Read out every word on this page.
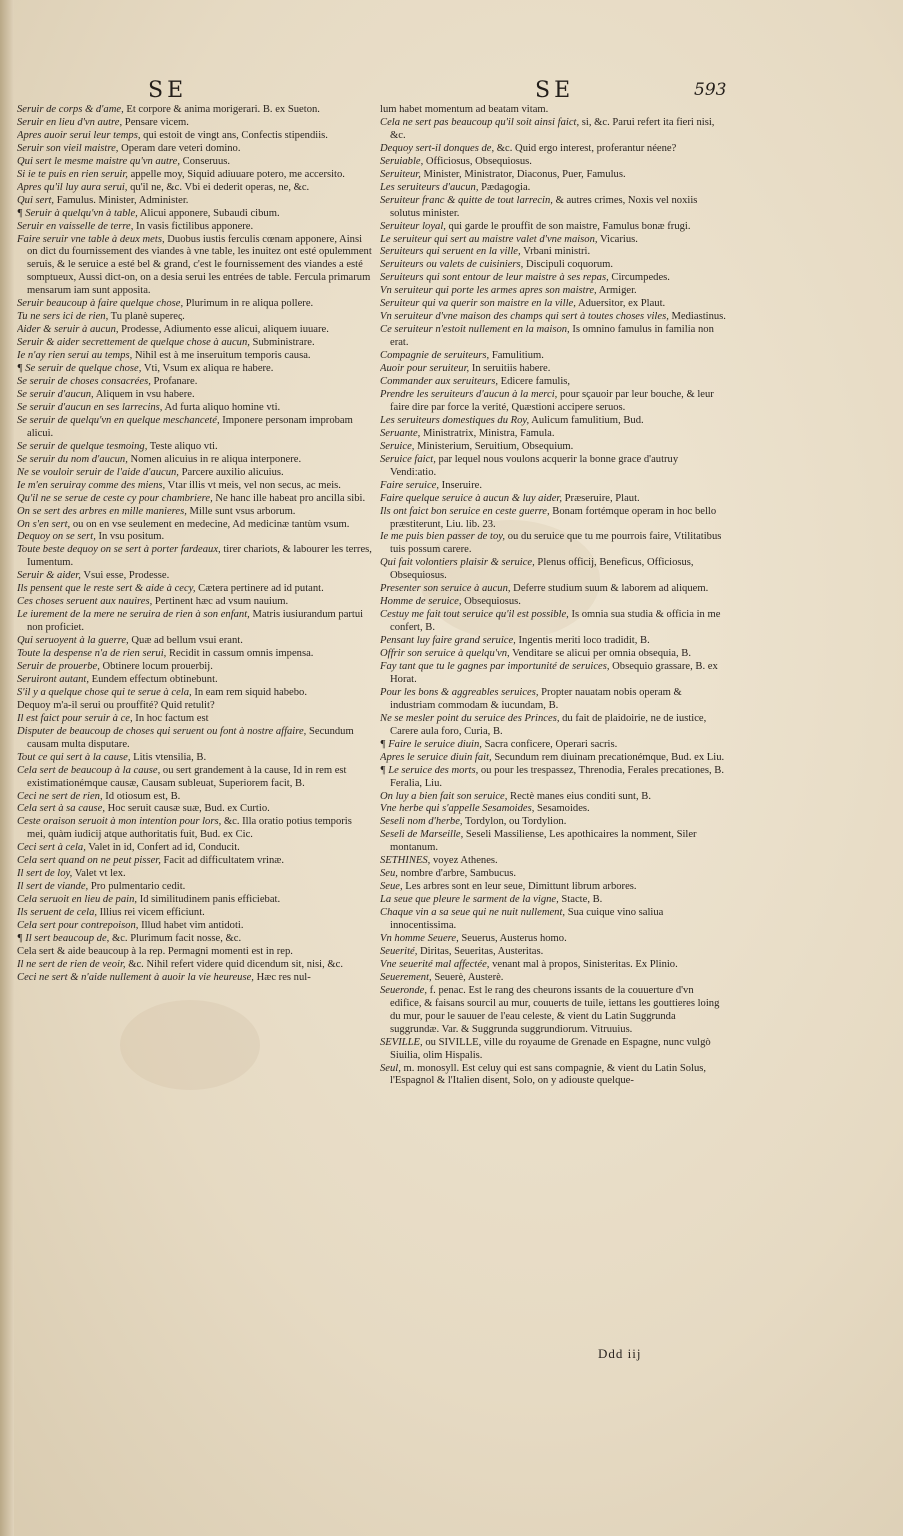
SE	SE	593

Seruir de corps & d'ame, Et corpore & anima morigerari. B. ex Sueton.

Seruir en lieu d'vn autre, Pensare vicem.

Apres auoir serui leur temps, qui estoit de vingt ans, Confectis stipendiis.

Seruir son vieil maistre, Operam dare veteri domino.

Qui sert le mesme maistre qu'vn autre, Conseruus.

Si ie te puis en rien seruir, appelle moy, Siquid adiuuare potero, me accersito.

Apres qu'il luy aura serui, qu'il ne, &c. Vbi ei dederit operas, ne, &c.

Qui sert, Famulus. Minister, Administer.

¶ Seruir à quelqu'vn à table, Alicui apponere, Subaudi cibum.

Seruir en vaisselle de terre, In vasis fictilibus apponere.

Faire seruir vne table à deux mets, Duobus iustis ferculis cœnam apponere, Ainsi on dict du fournissement des viandes à vne table, les inuitez ont esté opulemment seruis, & le seruice a esté bel & grand, c'est le fournissement des viandes a esté somptueux, Aussi dict-on, on a desia serui les entrées de table. Fercula primarum mensarum iam sunt apposita.

Seruir beaucoup à faire quelque chose, Plurimum in re aliqua pollere.

Tu ne sers ici de rien, Tu planè supereς.

Aider & seruir à aucun, Prodesse, Adiumento esse alicui, aliquem iuuare.

Seruir & aider secrettement de quelque chose à aucun, Subministrare.

Ie n'ay rien serui au temps, Nihil est à me inseruitum temporis causa.

¶ Se seruir de quelque chose, Vti, Vsum ex aliqua re habere.

Se seruir de choses consacrées, Profanare.

Se seruir d'aucun, Aliquem in vsu habere.

Se seruir d'aucun en ses larrecins, Ad furta aliquo homine vti.

Se seruir de quelqu'vn en quelque meschanceté, Imponere personam improbam alicui.

Se seruir de quelque tesmoing, Teste aliquo vti.

Se seruir du nom d'aucun, Nomen alicuius in re aliqua interponere.

Ne se vouloir seruir de l'aide d'aucun, Parcere auxilio alicuius.

Ie m'en seruiray comme des miens, Vtar illis vt meis, vel non secus, ac meis.

Qu'il ne se serue de ceste cy pour chambriere, Ne hanc ille habeat pro ancilla sibi.

On se sert des arbres en mille manieres, Mille sunt vsus arborum.

On s'en sert, ou on en vse seulement en medecine, Ad medicinæ tantùm vsum.

Dequoy on se sert, In vsu positum.

Toute beste dequoy on se sert à porter fardeaux, tirer chariots, & labourer les terres, Iumentum.

Seruir & aider, Vsui esse, Prodesse.

Ils pensent que le reste sert & aide à cecy, Cætera pertinere ad id putant.

Ces choses seruent aux nauires, Pertinent hæc ad vsum nauium.

Le iurement de la mere ne seruira de rien à son enfant, Matris iusiurandum partui non proficiet.

Qui seruoyent à la guerre, Quæ ad bellum vsui erant.

Toute la despense n'a de rien serui, Recidit in cassum omnis impensa.

Seruir de prouerbe, Obtinere locum prouerbij.

Seruiront autant, Eundem effectum obtinebunt.

S'il y a quelque chose qui te serue à cela, In eam rem siquid habebo.

Dequoy m'a-il serui ou prouffité? Quid retulit?

Il est faict pour seruir à ce, In hoc factum est

Disputer de beaucoup de choses qui seruent ou font à nostre affaire, Secundum causam multa disputare.

Tout ce qui sert à la cause, Litis vtensilia, B.

Cela sert de beaucoup à la cause, ou sert grandement à la cause, Id in rem est existimationémque causæ, Causam subleuat, Superiorem facit, B.

Ceci ne sert de rien, Id otiosum est, B.

Cela sert à sa cause, Hoc seruit causæ suæ, Bud. ex Curtio.

Ceste oraison seruoit à mon intention pour lors, &c. Illa oratio potius temporis mei, quàm iudicij atque authoritatis fuit, Bud. ex Cic.

Ceci sert à cela, Valet in id, Confert ad id, Conducit.

Cela sert quand on ne peut pisser, Facit ad difficultatem vrinæ.

Il sert de loy, Valet vt lex.

Il sert de viande, Pro pulmentario cedit.

Cela seruoit en lieu de pain, Id similitudinem panis efficiebat.

Ils seruent de cela, Illius rei vicem efficiunt.

Cela sert pour contrepoison, Illud habet vim antidoti.

¶ Il sert beaucoup de, &c. Plurimum facit nosse, &c.

Cela sert & aide beaucoup à la rep. Permagni momenti est in rep.

Il ne sert de rien de veoir, &c. Nihil refert videre quid dicendum sit, nisi, &c.

Ceci ne sert & n'aide nullement à auoir la vie heureuse, Hæc res nul-

lum habet momentum ad beatam vitam.

Cela ne sert pas beaucoup qu'il soit ainsi faict, si, &c. Parui refert ita fieri nisi, &c.

Dequoy sert-il donques de, &c. Quid ergo interest, proferantur néene?

Seruiable, Officiosus, Obsequiosus.

Seruiteur, Minister, Ministrator, Diaconus, Puer, Famulus.

Les seruiteurs d'aucun, Pædagogia.

Seruiteur franc & quitte de tout larrecin, & autres crimes, Noxis vel noxiis solutus minister.

Seruiteur loyal, qui garde le prouffit de son maistre, Famulus bonæ frugi.

Le seruiteur qui sert au maistre valet d'vne maison, Vicarius.

Seruiteurs qui seruent en la ville, Vrbani ministri.

Seruiteurs ou valets de cuisiniers, Discipuli coquorum.

Seruiteurs qui sont entour de leur maistre à ses repas, Circumpedes.

Vn seruiteur qui porte les armes apres son maistre, Armiger.

Seruiteur qui va querir son maistre en la ville, Aduersitor, ex Plaut.

Vn seruiteur d'vne maison des champs qui sert à toutes choses viles, Mediastinus.

Ce seruiteur n'estoit nullement en la maison, Is omnino famulus in familia non erat.

Compagnie de seruiteurs, Famulitium.

Auoir pour seruiteur, In seruitiis habere.

Commander aux seruiteurs, Edicere famulis,

Prendre les seruiteurs d'aucun à la merci, pour sçauoir par leur bouche, & leur faire dire par force la verité, Quæstioni accipere seruos.

Les seruiteurs domestiques du Roy, Aulicum famulitium, Bud.

Seruante, Ministratrix, Ministra, Famula.

Seruice, Ministerium, Seruitium, Obsequium.

Seruice faict, par lequel nous voulons acquerir la bonne grace d'autruy Vendi:atio.

Faire seruice, Inseruire.

Faire quelque seruice à aucun & luy aider, Præseruire, Plaut.

Ils ont faict bon seruice en ceste guerre, Bonam fortémque operam in hoc bello præstiterunt, Liu. lib. 23.

Ie me puis bien passer de toy, ou du seruice que tu me pourrois faire, Vtilitatibus tuis possum carere.

Qui fait volontiers plaisir & seruice, Plenus officij, Beneficus, Officiosus, Obsequiosus.

Presenter son seruice à aucun, Deferre studium suum & laborem ad aliquem.

Homme de seruice, Obsequiosus.

Cestuy me fait tout seruice qu'il est possible, Is omnia sua studia & officia in me confert, B.

Pensant luy faire grand seruice, Ingentis meriti loco tradidit, B.

Offrir son seruice à quelqu'vn, Venditare se alicui per omnia obsequia, B.

Fay tant que tu le gagnes par importunité de seruices, Obsequio grassare, B. ex Horat.

Pour les bons & aggreables seruices, Propter nauatam nobis operam & industriam commodam & iucundam, B.

Ne se mesler point du seruice des Princes, du fait de plaidoirie, ne de iustice, Carere aula foro, Curia, B.

¶ Faire le seruice diuin, Sacra conficere, Operari sacris.

Apres le seruice diuin fait, Secundum rem diuinam precationémque, Bud. ex Liu.

¶ Le seruice des morts, ou pour les trespassez, Threnodia, Ferales precationes, B. Feralia, Liu.

On luy a bien fait son seruice, Rectè manes eius conditi sunt, B.

Vne herbe qui s'appelle Sesamoides, Sesamoides.

Seseli nom d'herbe, Tordylon, ou Tordylion.

Seseli de Marseille, Seseli Massiliense, Les apothicaires la nomment, Siler montanum.

SETHINES, voyez Athenes.

Seu, nombre d'arbre, Sambucus.

Seue, Les arbres sont en leur seue, Dimittunt librum arbores.

La seue que pleure le sarment de la vigne, Stacte, B.

Chaque vin a sa seue qui ne nuit nullement, Sua cuique vino saliua innocentissima.

Vn homme Seuere, Seuerus, Austerus homo.

Seuerité, Diritas, Seueritas, Austeritas.

Vne seuerité mal affectée, venant mal à propos, Sinisteritas. Ex Plinio.

Seuerement, Seuerè, Austerè.

Seueronde, f. penac. Est le rang des cheurons issants de la couuerture d'vn edifice, & faisans sourcil au mur, couuerts de tuile, iettans les gouttieres loing du mur, pour le sauuer de l'eau celeste, & vient du Latin Suggrunda suggrundæ. Var. & Suggrunda suggrundiorum. Vitruuius.

SEVILLE, ou SIVILLE, ville du royaume de Grenade en Espagne, nunc vulgò Siuilia, olim Hispalis.

Seul, m. monosyll. Est celuy qui est sans compagnie, & vient du Latin Solus, l'Espagnol & l'Italien disent, Solo, on y adiouste quelque-

Ddd iij
